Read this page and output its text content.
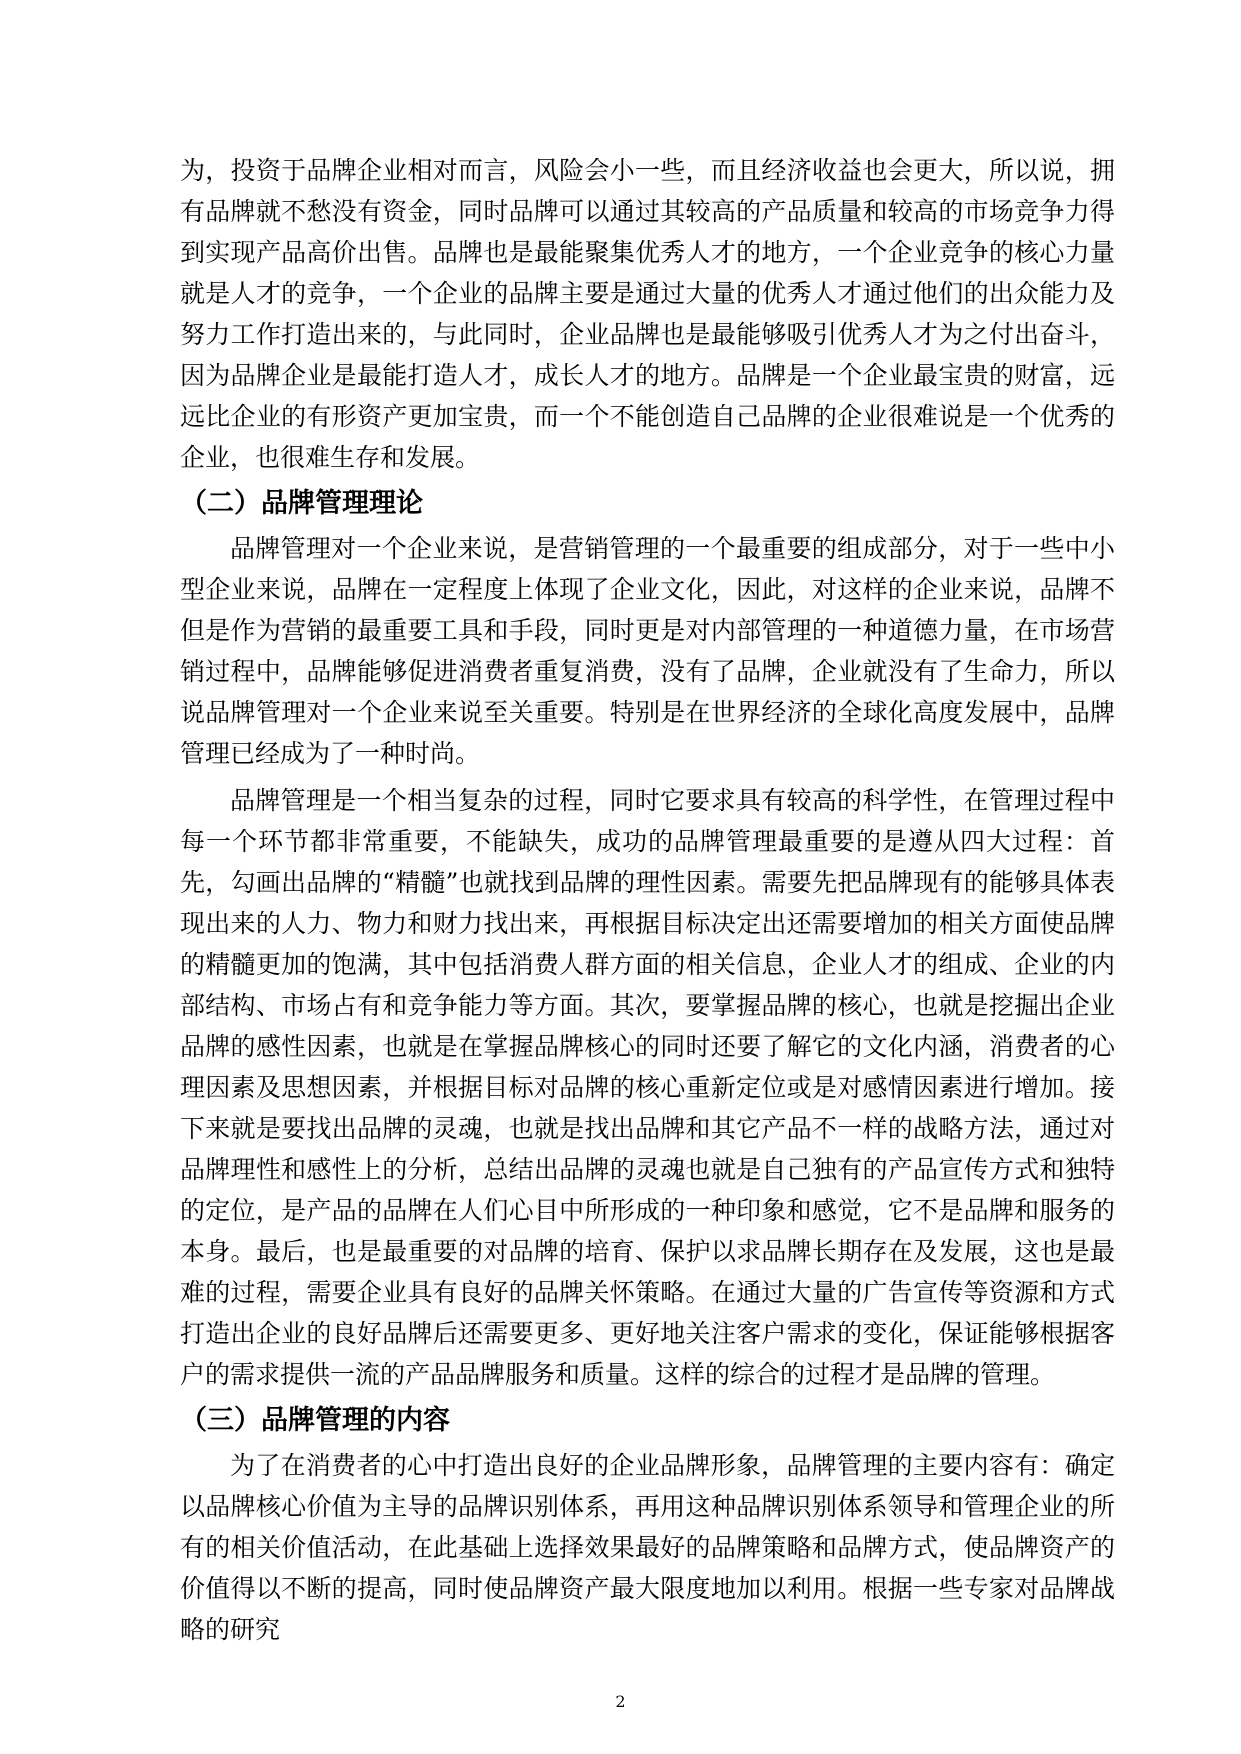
为，投资于品牌企业相对而言，风险会小一些，而且经济收益也会更大，所以说，拥有品牌就不愁没有资金，同时品牌可以通过其较高的产品质量和较高的市场竞争力得到实现产品高价出售。品牌也是最能聚集优秀人才的地方，一个企业竞争的核心力量就是人才的竞争，一个企业的品牌主要是通过大量的优秀人才通过他们的出众能力及努力工作打造出来的，与此同时，企业品牌也是最能够吸引优秀人才为之付出奋斗，因为品牌企业是最能打造人才，成长人才的地方。品牌是一个企业最宝贵的财富，远远比企业的有形资产更加宝贵，而一个不能创造自己品牌的企业很难说是一个优秀的企业，也很难生存和发展。

（二）品牌管理理论

品牌管理对一个企业来说，是营销管理的一个最重要的组成部分，对于一些中小型企业来说，品牌在一定程度上体现了企业文化，因此，对这样的企业来说，品牌不但是作为营销的最重要工具和手段，同时更是对内部管理的一种道德力量，在市场营销过程中，品牌能够促进消费者重复消费，没有了品牌，企业就没有了生命力，所以说品牌管理对一个企业来说至关重要。特别是在世界经济的全球化高度发展中，品牌管理已经成为了一种时尚。

品牌管理是一个相当复杂的过程，同时它要求具有较高的科学性，在管理过程中每一个环节都非常重要，不能缺失，成功的品牌管理最重要的是遵从四大过程：首先，勾画出品牌的“精髓”也就找到品牌的理性因素。需要先把品牌现有的能够具体表现出来的人力、物力和财力找出来，再根据目标决定出还需要增加的相关方面使品牌的精髓更加的饱满，其中包括消费人群方面的相关信息，企业人才的组成、企业的内部结构、市场占有和竞争能力等方面。其次，要掌握品牌的核心，也就是挖掘出企业品牌的感性因素，也就是在掌握品牌核心的同时还要了解它的文化内涵，消费者的心理因素及思想因素，并根据目标对品牌的核心重新定位或是对感情因素进行增加。接下来就是要找出品牌的灵魂，也就是找出品牌和其它产品不一样的战略方法，通过对品牌理性和感性上的分析，总结出品牌的灵魂也就是自己独有的产品宣传方式和独特的定位，是产品的品牌在人们心目中所形成的一种印象和感觉，它不是品牌和服务的本身。最后，也是最重要的对品牌的培育、保护以求品牌长期存在及发展，这也是最难的过程，需要企业具有良好的品牌关怀策略。在通过大量的广告宣传等资源和方式打造出企业的良好品牌后还需要更多、更好地关注客户需求的变化，保证能够根据客户的需求提供一流的产品品牌服务和质量。这样的综合的过程才是品牌的管理。

（三）品牌管理的内容

为了在消费者的心中打造出良好的企业品牌形象，品牌管理的主要内容有：确定以品牌核心价值为主导的品牌识别体系，再用这种品牌识别体系领导和管理企业的所有的相关价值活动，在此基础上选择效果最好的品牌策略和品牌方式，使品牌资产的价值得以不断的提高，同时使品牌资产最大限度地加以利用。根据一些专家对品牌战略的研究

2
